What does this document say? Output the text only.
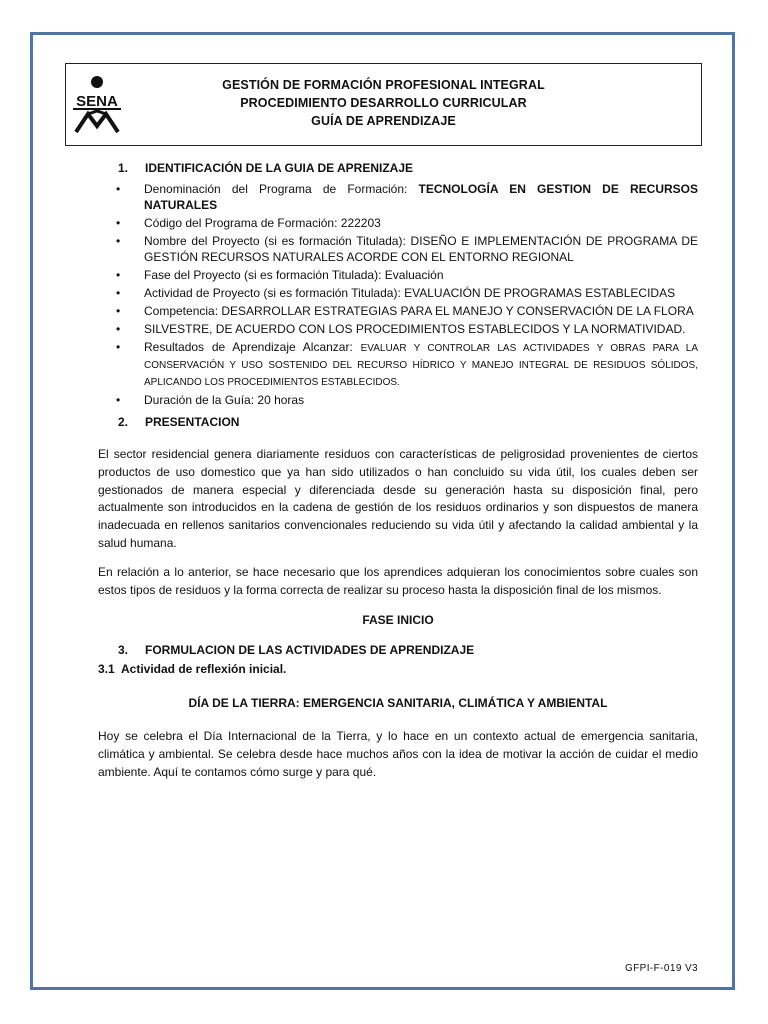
SENA
GESTIÓN DE FORMACIÓN PROFESIONAL INTEGRAL
PROCEDIMIENTO DESARROLLO CURRICULAR
GUÍA DE APRENDIZAJE
1.	IDENTIFICACIÓN DE LA GUIA DE APRENIZAJE
• Denominación del Programa de Formación: TECNOLOGÍA EN GESTION DE RECURSOS NATURALES
• Código del Programa de Formación: 222203
• Nombre del Proyecto (si es formación Titulada): DISEÑO E IMPLEMENTACIÓN DE PROGRAMA DE GESTIÓN RECURSOS NATURALES ACORDE CON EL ENTORNO REGIONAL
• Fase del Proyecto (si es formación Titulada): Evaluación
• Actividad de Proyecto (si es formación Titulada): EVALUACIÓN DE PROGRAMAS ESTABLECIDAS
• Competencia: DESARROLLAR ESTRATEGIAS PARA EL MANEJO Y CONSERVACIÓN DE LA FLORA
• SILVESTRE, DE ACUERDO CON LOS PROCEDIMIENTOS ESTABLECIDOS Y LA NORMATIVIDAD.
• Resultados de Aprendizaje Alcanzar: EVALUAR Y CONTROLAR LAS ACTIVIDADES Y OBRAS PARA LA CONSERVACIÓN Y USO SOSTENIDO DEL RECURSO HÍDRICO Y MANEJO INTEGRAL DE RESIDUOS SÓLIDOS, APLICANDO LOS PROCEDIMIENTOS ESTABLECIDOS.
• Duración de la Guía: 20 horas
2.	PRESENTACION

El sector residencial genera diariamente residuos con características de peligrosidad provenientes de ciertos productos de uso domestico que ya han sido utilizados o han concluido su vida útil, los cuales deben ser gestionados de manera especial y diferenciada desde su generación hasta su disposición final, pero actualmente son introducidos en la cadena de gestión de los residuos ordinarios y son dispuestos de manera inadecuada en rellenos sanitarios convencionales reduciendo su vida útil y afectando la calidad ambiental y la salud humana.

En relación a lo anterior, se hace necesario que los aprendices adquieran los conocimientos sobre cuales son estos tipos de residuos y la forma correcta de realizar su proceso hasta la disposición final de los mismos.

FASE INICIO
3.	FORMULACION DE LAS ACTIVIDADES DE APRENDIZAJE
3.1 Actividad de reflexión inicial.
DÍA DE LA TIERRA: EMERGENCIA SANITARIA, CLIMÁTICA Y AMBIENTAL

Hoy se celebra el Día Internacional de la Tierra, y lo hace en un contexto actual de emergencia sanitaria, climática y ambiental. Se celebra desde hace muchos años con la idea de motivar la acción de cuidar el medio ambiente. Aquí te contamos cómo surge y para qué.

GFPI-F-019 V3
